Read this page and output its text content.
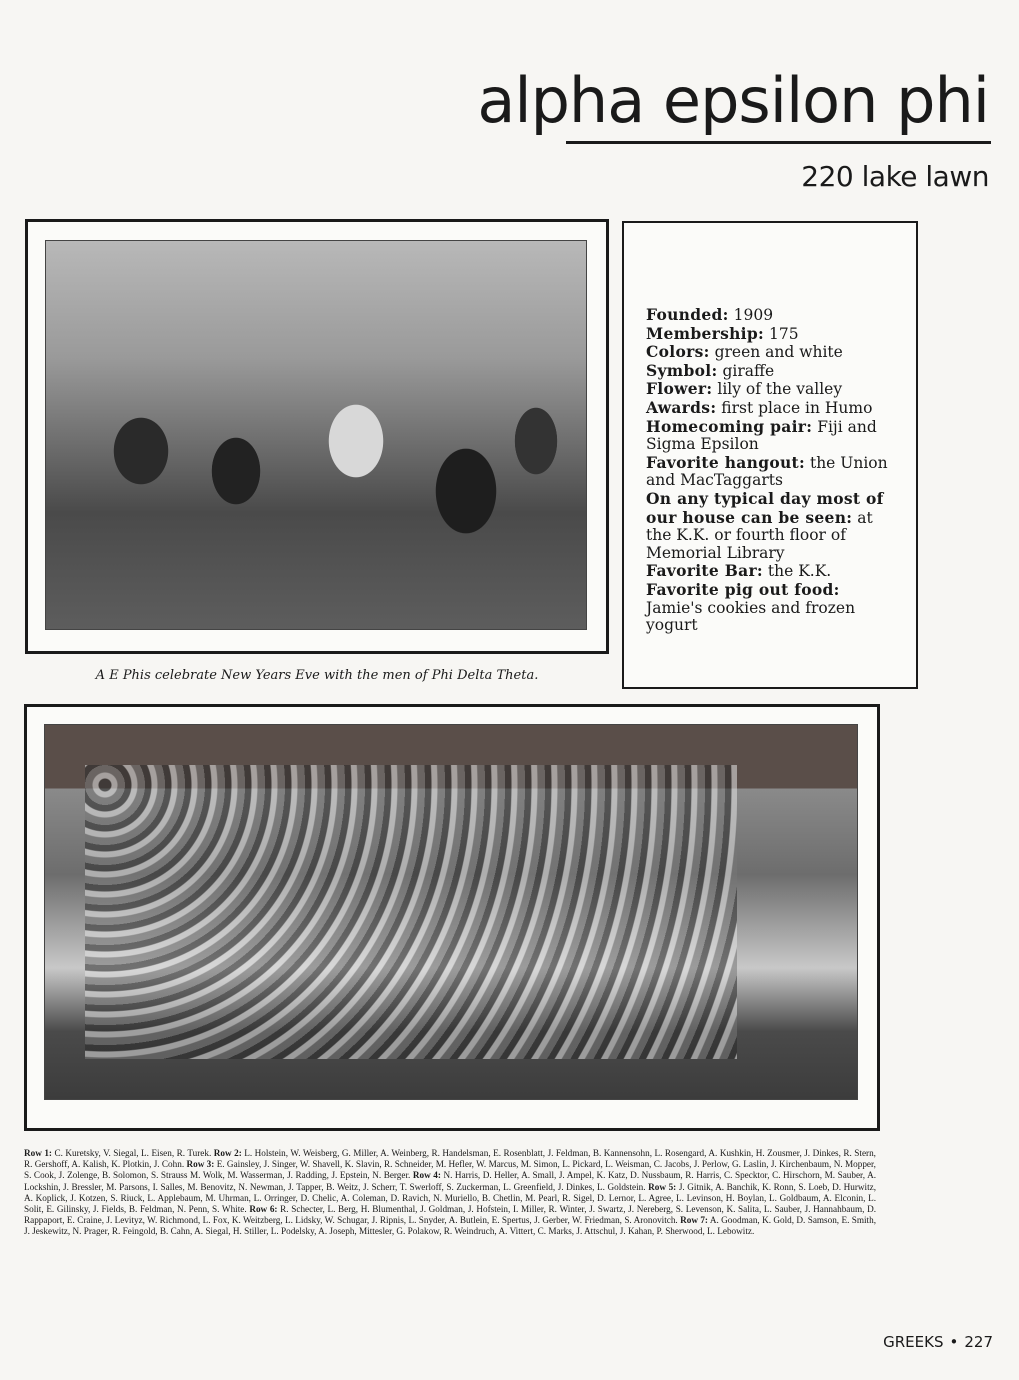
alpha epsilon phi
220 lake lawn
A E Phis celebrate New Years Eve with the men of Phi Delta Theta.
Founded: 1909
Membership: 175
Colors: green and white
Symbol: giraffe
Flower: lily of the valley
Awards: first place in Humo
Homecoming pair: Fiji and Sigma Epsilon
Favorite hangout: the Union and MacTaggarts
On any typical day most of our house can be seen: at the K.K. or fourth floor of Memorial Library
Favorite Bar: the K.K.
Favorite pig out food: Jamie's cookies and frozen yogurt
Row 1: C. Kuretsky, V. Siegal, L. Eisen, R. Turek. Row 2: L. Holstein, W. Weisberg, G. Miller, A. Weinberg, R. Handelsman, E. Rosenblatt, J. Feldman, B. Kannensohn, L. Rosengard, A. Kushkin, H. Zousmer, J. Dinkes, R. Stern, R. Gershoff, A. Kalish, K. Plotkin, J. Cohn. Row 3: E. Gainsley, J. Singer, W. Shavell, K. Slavin, R. Schneider, M. Hefler, W. Marcus, M. Simon, L. Pickard, L. Weisman, C. Jacobs, J. Perlow, G. Laslin, J. Kirchenbaum, N. Mopper, S. Cook, J. Zolenge, B. Solomon, S. Strauss M. Wolk, M. Wasserman, J. Radding, J. Epstein, N. Berger. Row 4: N. Harris, D. Heller, A. Small, J. Ampel, K. Katz, D. Nussbaum, R. Harris, C. Specktor, C. Hirschorn, M. Sauber, A. Lockshin, J. Bressler, M. Parsons, I. Salles, M. Benovitz, N. Newman, J. Tapper, B. Weitz, J. Scherr, T. Swerloff, S. Zuckerman, L. Greenfield, J. Dinkes, L. Goldstein. Row 5: J. Gitnik, A. Banchik, K. Ronn, S. Loeb, D. Hurwitz, A. Koplick, J. Kotzen, S. Riuck, L. Applebaum, M. Uhrman, L. Orringer, D. Chelic, A. Coleman, D. Ravich, N. Muriello, B. Chetlin, M. Pearl, R. Sigel, D. Lernor, L. Agree, L. Levinson, H. Boylan, L. Goldbaum, A. Elconin, L. Solit, E. Gilinsky, J. Fields, B. Feldman, N. Penn, S. White. Row 6: R. Schecter, L. Berg, H. Blumenthal, J. Goldman, J. Hofstein, I. Miller, R. Winter, J. Swartz, J. Nereberg, S. Levenson, K. Salita, L. Sauber, J. Hannahbaum, D. Rappaport, E. Craine, J. Levityz, W. Richmond, L. Fox, K. Weitzberg, L. Lidsky, W. Schugar, J. Ripnis, L. Snyder, A. Butlein, E. Spertus, J. Gerber, W. Friedman, S. Aronovitch. Row 7: A. Goodman, K. Gold, D. Samson, E. Smith, J. Jeskewitz, N. Prager, R. Feingold, B. Cahn, A. Siegal, H. Stiller, L. Podelsky, A. Joseph, Mittesler, G. Polakow, R. Weindruch, A. Vittert, C. Marks, J. Attschul, J. Kahan, P. Sherwood, L. Lebowitz.
GREEKS • 227
